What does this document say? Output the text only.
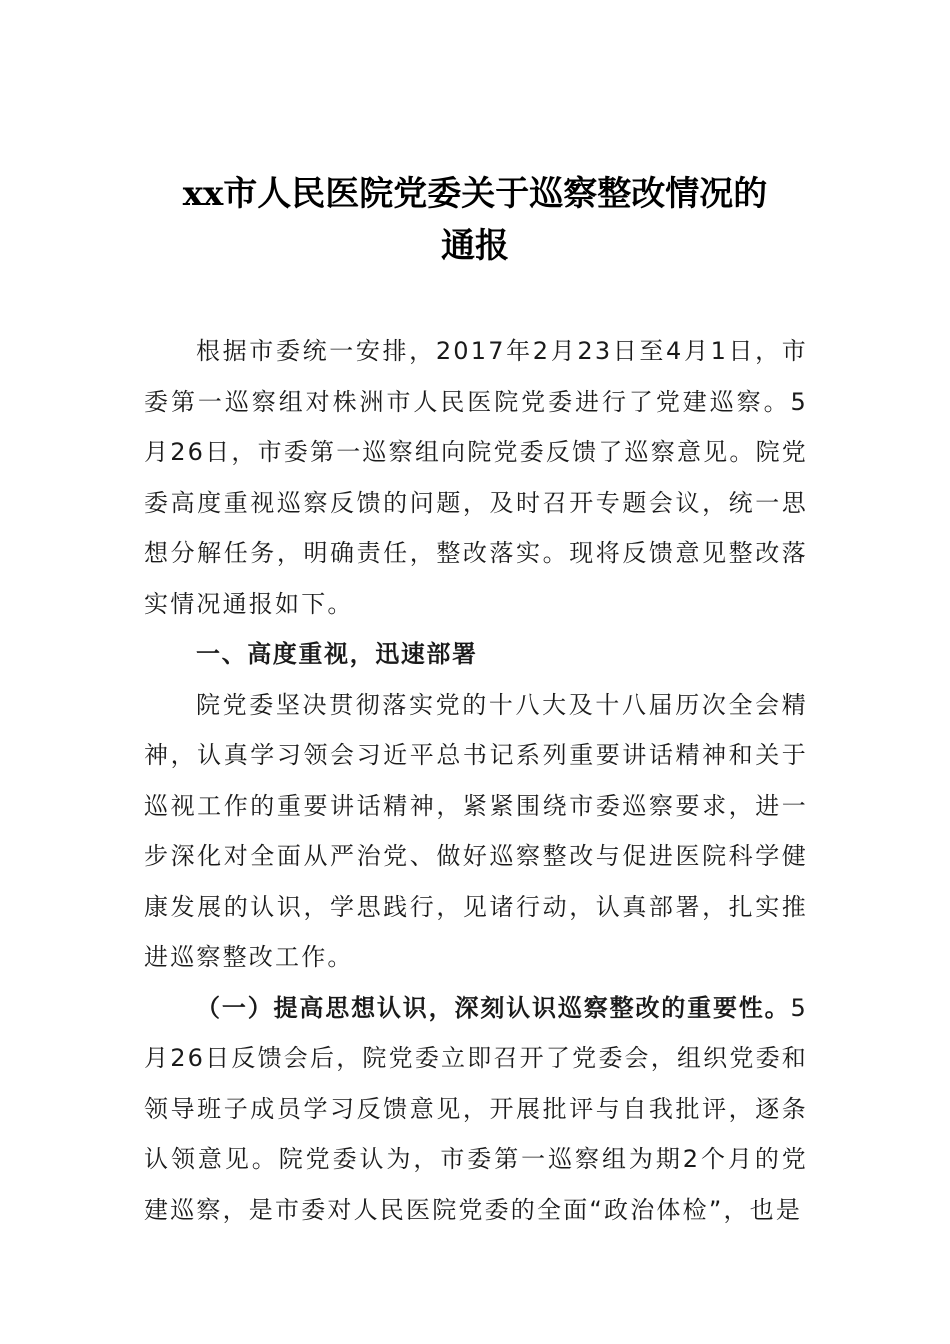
xx市人民医院党委关于巡察整改情况的
通报

根据市委统一安排，2017年2月23日至4月1日，市委第一巡察组对株洲市人民医院党委进行了党建巡察。5月26日，市委第一巡察组向院党委反馈了巡察意见。院党委高度重视巡察反馈的问题，及时召开专题会议，统一思想分解任务，明确责任，整改落实。现将反馈意见整改落实情况通报如下。

一、高度重视，迅速部署

院党委坚决贯彻落实党的十八大及十八届历次全会精神，认真学习领会习近平总书记系列重要讲话精神和关于巡视工作的重要讲话精神，紧紧围绕市委巡察要求，进一步深化对全面从严治党、做好巡察整改与促进医院科学健康发展的认识，学思践行，见诸行动，认真部署，扎实推进巡察整改工作。

（一）提高思想认识，深刻认识巡察整改的重要性。5月26日反馈会后，院党委立即召开了党委会，组织党委和领导班子成员学习反馈意见，开展批评与自我批评，逐条认领意见。院党委认为，市委第一巡察组为期2个月的党建巡察，是市委对人民医院党委的全面“政治体检”，也是
